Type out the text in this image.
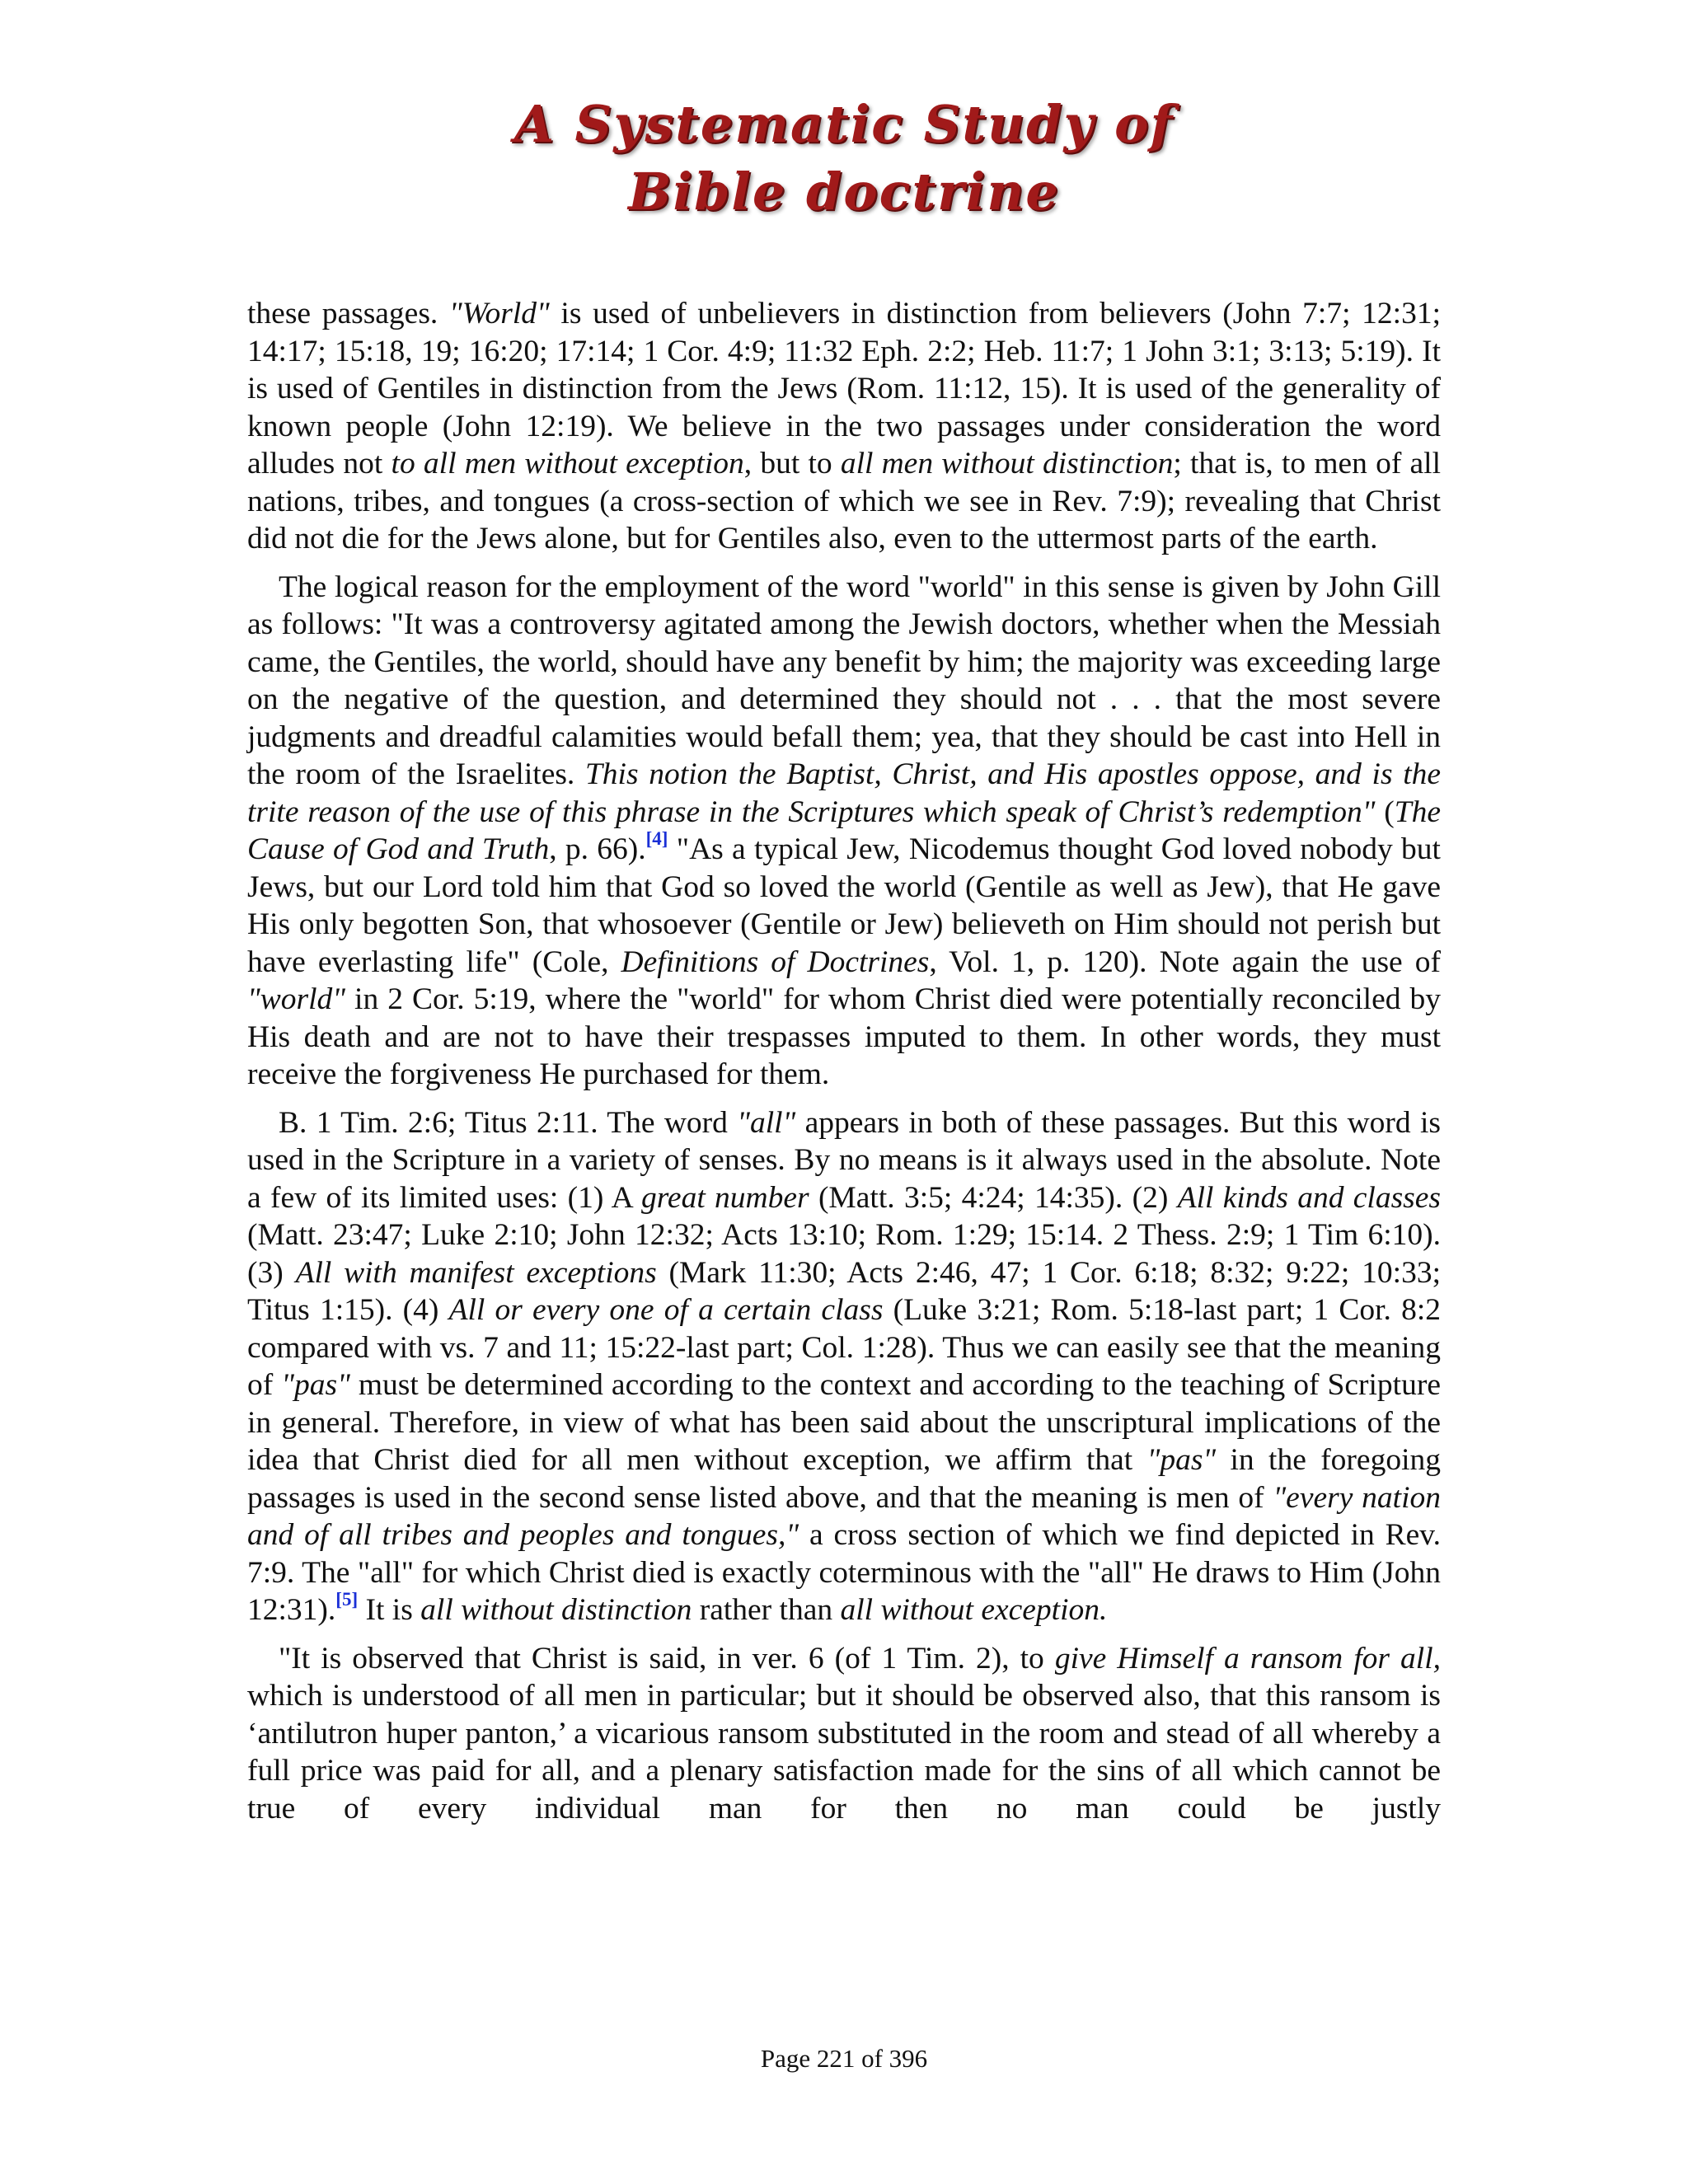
A Systematic Study of
Bible doctrine

these passages. "World" is used of unbelievers in distinction from believers (John 7:7; 12:31; 14:17; 15:18, 19; 16:20; 17:14; 1 Cor. 4:9; 11:32 Eph. 2:2; Heb. 11:7; 1 John 3:1; 3:13; 5:19). It is used of Gentiles in distinction from the Jews (Rom. 11:12, 15). It is used of the generality of known people (John 12:19). We believe in the two passages under consideration the word alludes not to all men without exception, but to all men without distinction; that is, to men of all nations, tribes, and tongues (a cross-section of which we see in Rev. 7:9); revealing that Christ did not die for the Jews alone, but for Gentiles also, even to the uttermost parts of the earth.

The logical reason for the employment of the word "world" in this sense is given by John Gill as follows: "It was a controversy agitated among the Jewish doctors, whether when the Messiah came, the Gentiles, the world, should have any benefit by him; the majority was exceeding large on the negative of the question, and determined they should not . . . that the most severe judgments and dreadful calamities would befall them; yea, that they should be cast into Hell in the room of the Israelites. This notion the Baptist, Christ, and His apostles oppose, and is the trite reason of the use of this phrase in the Scriptures which speak of Christ’s redemption" (The Cause of God and Truth, p. 66).[4] "As a typical Jew, Nicodemus thought God loved nobody but Jews, but our Lord told him that God so loved the world (Gentile as well as Jew), that He gave His only begotten Son, that whosoever (Gentile or Jew) believeth on Him should not perish but have everlasting life" (Cole, Definitions of Doctrines, Vol. 1, p. 120). Note again the use of "world" in 2 Cor. 5:19, where the "world" for whom Christ died were potentially reconciled by His death and are not to have their trespasses imputed to them. In other words, they must receive the forgiveness He purchased for them.

B. 1 Tim. 2:6; Titus 2:11. The word "all" appears in both of these passages. But this word is used in the Scripture in a variety of senses. By no means is it always used in the absolute. Note a few of its limited uses: (1) A great number (Matt. 3:5; 4:24; 14:35). (2) All kinds and classes (Matt. 23:47; Luke 2:10; John 12:32; Acts 13:10; Rom. 1:29; 15:14. 2 Thess. 2:9; 1 Tim 6:10). (3) All with manifest exceptions (Mark 11:30; Acts 2:46, 47; 1 Cor. 6:18; 8:32; 9:22; 10:33; Titus 1:15). (4) All or every one of a certain class (Luke 3:21; Rom. 5:18-last part; 1 Cor. 8:2 compared with vs. 7 and 11; 15:22-last part; Col. 1:28). Thus we can easily see that the meaning of "pas" must be determined according to the context and according to the teaching of Scripture in general. Therefore, in view of what has been said about the unscriptural implications of the idea that Christ died for all men without exception, we affirm that "pas" in the foregoing passages is used in the second sense listed above, and that the meaning is men of "every nation and of all tribes and peoples and tongues," a cross section of which we find depicted in Rev. 7:9. The "all" for which Christ died is exactly coterminous with the "all" He draws to Him (John 12:31).[5] It is all without distinction rather than all without exception.

"It is observed that Christ is said, in ver. 6 (of 1 Tim. 2), to give Himself a ransom for all, which is understood of all men in particular; but it should be observed also, that this ransom is ‘antilutron huper panton,’ a vicarious ransom substituted in the room and stead of all whereby a full price was paid for all, and a plenary satisfaction made for the sins of all which cannot be true of every individual man for then no man could be justly

Page 221 of 396
